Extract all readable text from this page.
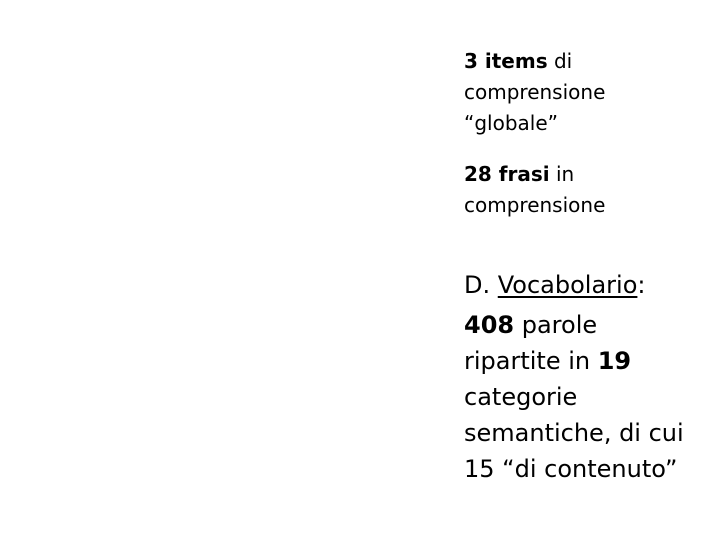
3 items di
comprensione
“globale”
28 frasi in
comprensione
D. Vocabolario:
408 parole
ripartite in 19
categorie
semantiche, di cui
15 “di contenuto”
